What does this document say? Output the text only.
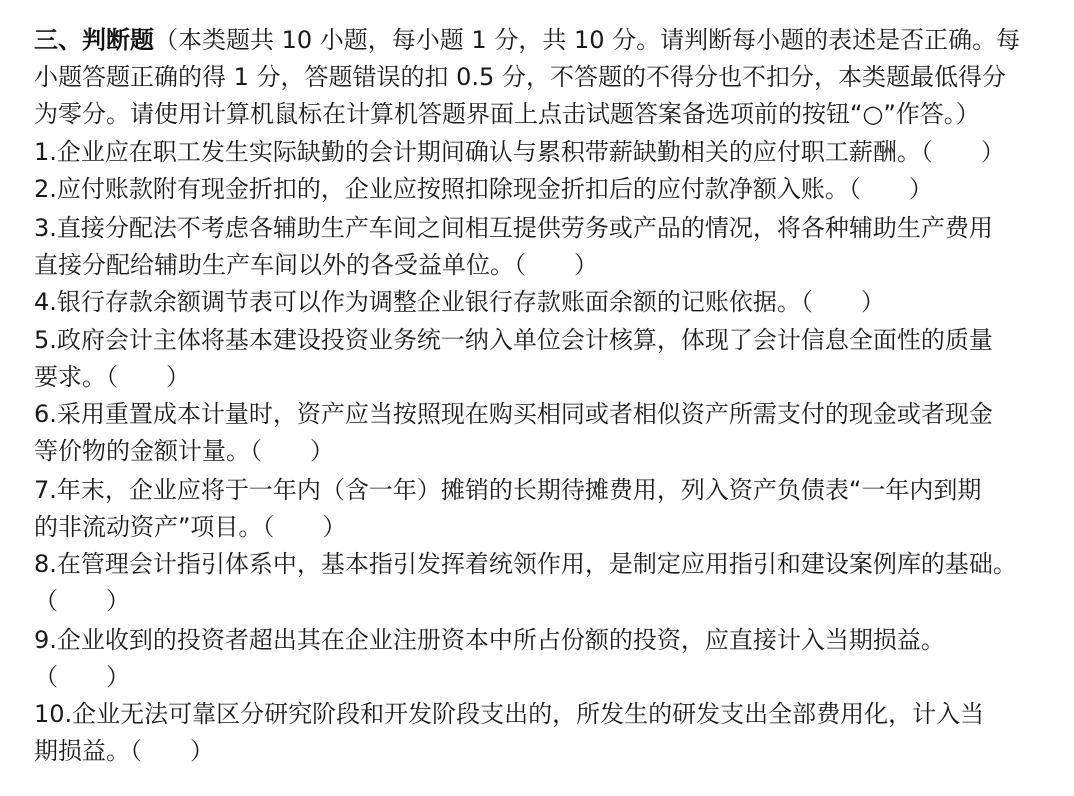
三、判断题（本类题共 10 小题，每小题 1 分，共 10 分。请判断每小题的表述是否正确。每
小题答题正确的得 1 分，答题错误的扣 0.5 分，不答题的不得分也不扣分，本类题最低得分
为零分。请使用计算机鼠标在计算机答题界面上点击试题答案备选项前的按钮“○”作答。）
1.企业应在职工发生实际缺勤的会计期间确认与累积带薪缺勤相关的应付职工薪酬。（　　）
2.应付账款附有现金折扣的，企业应按照扣除现金折扣后的应付款净额入账。（　　）
3.直接分配法不考虑各辅助生产车间之间相互提供劳务或产品的情况，将各种辅助生产费用
直接分配给辅助生产车间以外的各受益单位。（　　）
4.银行存款余额调节表可以作为调整企业银行存款账面余额的记账依据。（　　）
5.政府会计主体将基本建设投资业务统一纳入单位会计核算，体现了会计信息全面性的质量
要求。（　　）
6.采用重置成本计量时，资产应当按照现在购买相同或者相似资产所需支付的现金或者现金
等价物的金额计量。（　　）
7.年末，企业应将于一年内（含一年）摊销的长期待摊费用，列入资产负债表“一年内到期
的非流动资产”项目。（　　）
8.在管理会计指引体系中，基本指引发挥着统领作用，是制定应用指引和建设案例库的基础。
（　　）
9.企业收到的投资者超出其在企业注册资本中所占份额的投资，应直接计入当期损益。
（　　）
10.企业无法可靠区分研究阶段和开发阶段支出的，所发生的研发支出全部费用化，计入当
期损益。（　　）
